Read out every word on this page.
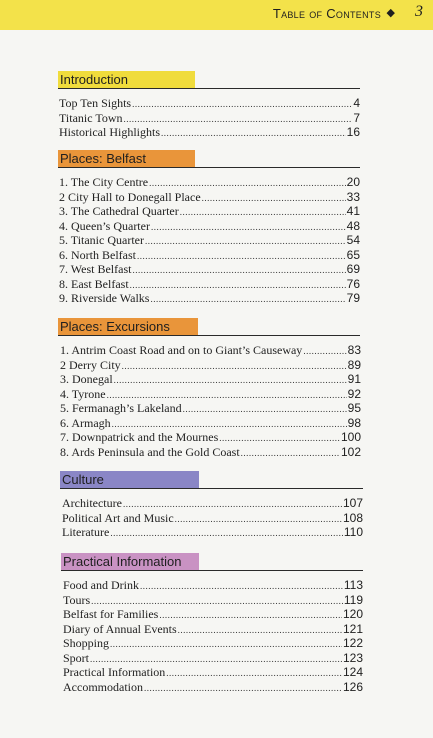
Table of Contents ◆ 3
Introduction
Top Ten Sights .....	4
Titanic Town .....	7
Historical Highlights .....	16
Places: Belfast
1. The City Centre .....	20
2 City Hall to Donegall Place .....	33
3. The Cathedral Quarter .....	41
4. Queen’s Quarter .....	48
5. Titanic Quarter .....	54
6. North Belfast .....	65
7. West Belfast .....	69
8. East Belfast .....	76
9. Riverside Walks .....	79
Places: Excursions
1. Antrim Coast Road and on to Giant’s Causeway .....	83
2 Derry City .....	89
3. Donegal .....	91
4. Tyrone .....	92
5. Fermanagh’s Lakeland .....	95
6. Armagh .....	98
7. Downpatrick and the Mournes .....	100
8. Ards Peninsula and the Gold Coast .....	102
Culture
Architecture .....	107
Political Art and Music .....	108
Literature .....	110
Practical Information
Food and Drink .....	113
Tours .....	119
Belfast for Families .....	120
Diary of Annual Events .....	121
Shopping .....	122
Sport .....	123
Practical Information .....	124
Accommodation .....	126
